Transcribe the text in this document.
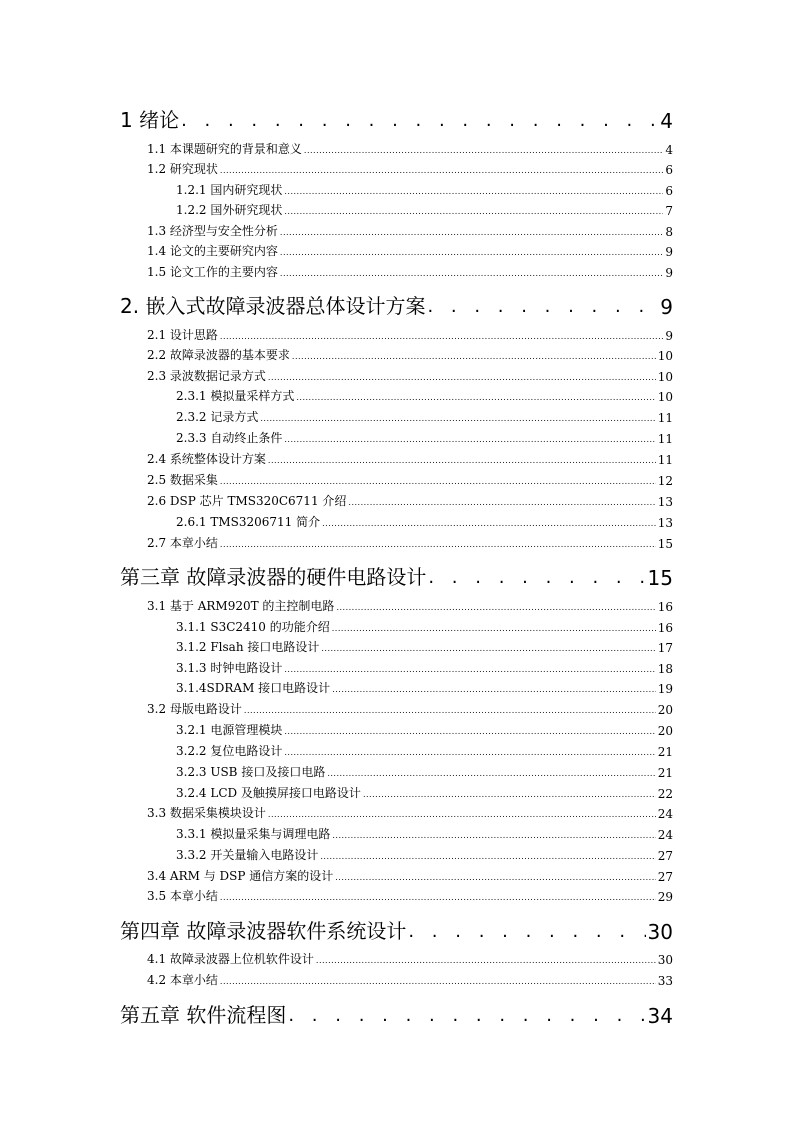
1 绪论 . . .	4
1.1 本课题研究的背景和意义 .....	4
1.2 研究现状 .....	6
1.2.1 国内研究现状 .....	6
1.2.2 国外研究现状 .....	7
1.3 经济型与安全性分析 .....	8
1.4 论文的主要研究内容 .....	9
1.5 论文工作的主要内容 .....	9
2. 嵌入式故障录波器总体设计方案 . . .	9
2.1 设计思路 .....	9
2.2 故障录波器的基本要求 .....	10
2.3 录波数据记录方式 .....	10
2.3.1 模拟量采样方式 .....	10
2.3.2 记录方式 .....	11
2.3.3 自动终止条件 .....	11
2.4 系统整体设计方案 .....	11
2.5 数据采集 .....	12
2.6 DSP 芯片 TMS320C6711 介绍 .....	13
2.6.1 TMS3206711 简介 .....	13
2.7 本章小结 .....	15
第三章 故障录波器的硬件电路设计 . . .	15
3.1 基于 ARM920T 的主控制电路 .....	16
3.1.1 S3C2410 的功能介绍 .....	16
3.1.2 Flsah 接口电路设计 .....	17
3.1.3 时钟电路设计 .....	18
3.1.4SDRAM 接口电路设计 .....	19
3.2 母版电路设计 .....	20
3.2.1 电源管理模块 .....	20
3.2.2 复位电路设计 .....	21
3.2.3 USB 接口及接口电路 .....	21
3.2.4 LCD 及触摸屏接口电路设计 .....	22
3.3 数据采集模块设计 .....	24
3.3.1 模拟量采集与调理电路 .....	24
3.3.2 开关量输入电路设计 .....	27
3.4 ARM 与 DSP 通信方案的设计 .....	27
3.5 本章小结 .....	29
第四章 故障录波器软件系统设计 . . .	30
4.1 故障录波器上位机软件设计 .....	30
4.2 本章小结 .....	33
第五章 软件流程图 . . .	34
